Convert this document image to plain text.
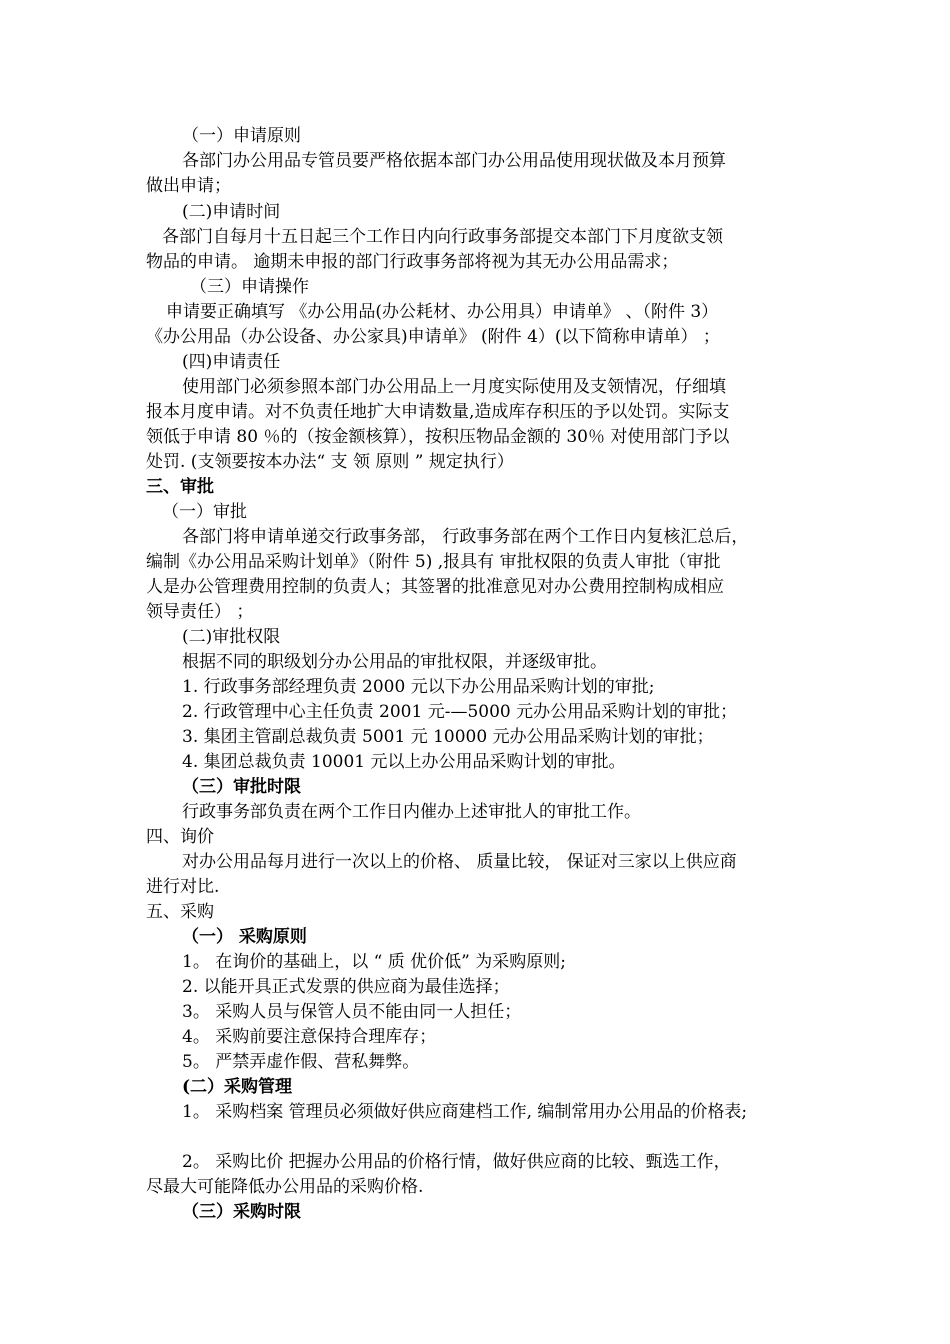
（一）申请原则
各部门办公用品专管员要严格依据本部门办公用品使用现状做及本月预算
做出申请；
(二)申请时间
各部门自每月十五日起三个工作日内向行政事务部提交本部门下月度欲支领
物品的申请。 逾期未申报的部门行政事务部将视为其无办公用品需求；
（三）申请操作
申请要正确填写 《办公用品(办公耗材、办公用具）申请单》 、（附件 3）
《办公用品（办公设备、办公家具)申请单》 (附件 4）(以下简称申请单） ；
(四)申请责任
使用部门必须参照本部门办公用品上一月度实际使用及支领情况，仔细填
报本月度申请。对不负责任地扩大申请数量,造成库存积压的予以处罚。实际支
领低于申请 80 ％的（按金额核算），按积压物品金额的 30％ 对使用部门予以
处罚. (支领要按本办法“ 支 领 原则 ” 规定执行）
三、审批
（一）审批
各部门将申请单递交行政事务部， 行政事务部在两个工作日内复核汇总后，
编制《办公用品采购计划单》（附件 5) ,报具有 审批权限的负责人审批（审批
人是办公管理费用控制的负责人；其签署的批准意见对办公费用控制构成相应
领导责任） ；
(二)审批权限
根据不同的职级划分办公用品的审批权限，并逐级审批。
1. 行政事务部经理负责 2000 元以下办公用品采购计划的审批;
2. 行政管理中心主任负责 2001 元-—5000 元办公用品采购计划的审批；
3. 集团主管副总裁负责 5001 元 10000 元办公用品采购计划的审批；
4. 集团总裁负责 10001 元以上办公用品采购计划的审批。
（三）审批时限
行政事务部负责在两个工作日内催办上述审批人的审批工作。
四、询价
对办公用品每月进行一次以上的价格、 质量比较， 保证对三家以上供应商
进行对比.
五、采购
（一） 采购原则
1。 在询价的基础上，以 “ 质 优价低” 为采购原则;
2. 以能开具正式发票的供应商为最佳选择；
3。 采购人员与保管人员不能由同一人担任；
4。 采购前要注意保持合理库存；
5。 严禁弄虚作假、营私舞弊。
(二）采购管理
1。 采购档案 管理员必须做好供应商建档工作, 编制常用办公用品的价格表;
2。 采购比价 把握办公用品的价格行情，做好供应商的比较、甄选工作，
尽最大可能降低办公用品的采购价格.
（三）采购时限
